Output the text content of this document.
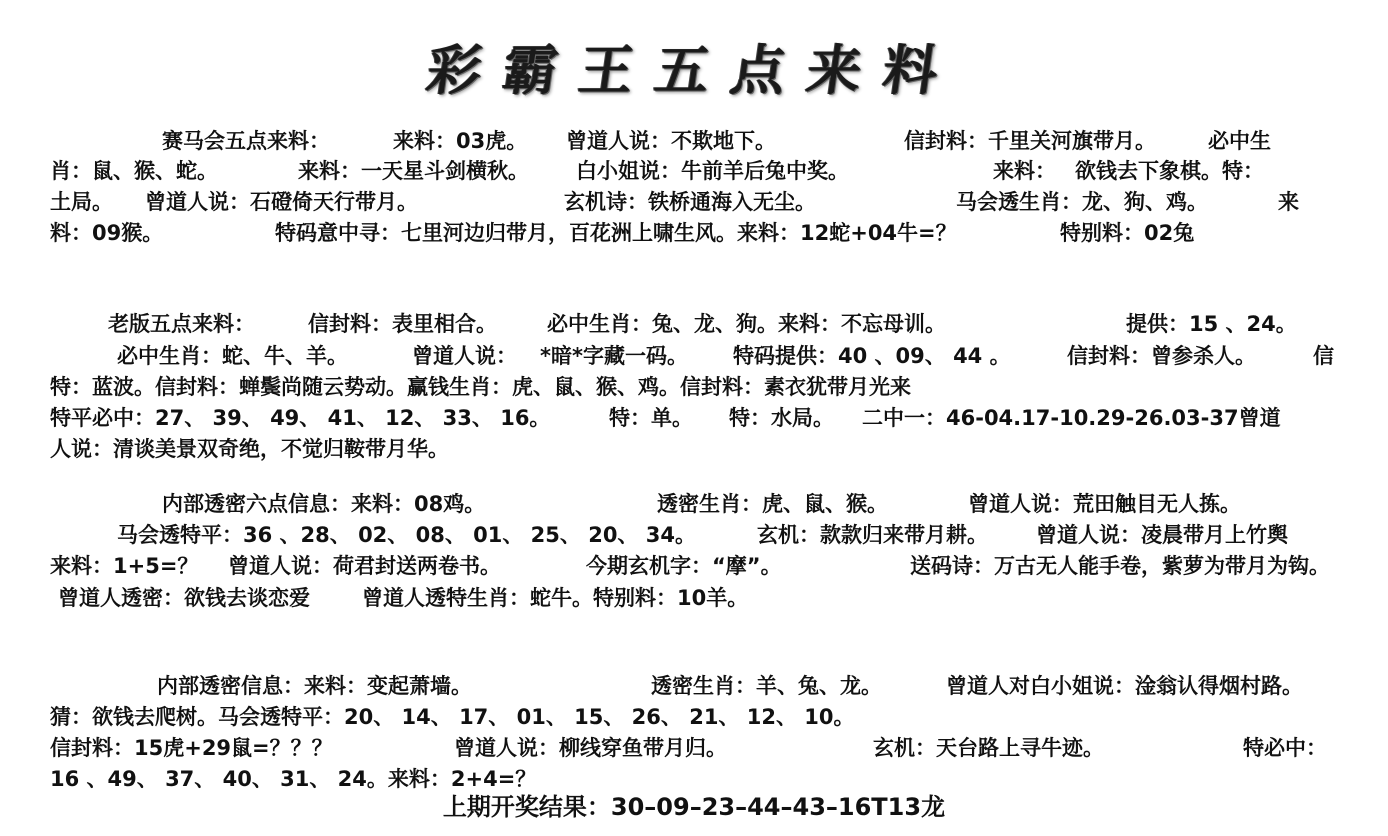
彩霸王五点来料
赛马会五点来料：	来料：03虎。 曾道人说：不欺地下。	信封料：千里关河旗带月。 必中生
肖：鼠、猴、蛇。	来料：一天星斗剑横秋。 白小姐说：牛前羊后兔中奖。	来料： 欲钱去下象棋。特：
土局。 曾道人说：石磴倚天行带月。	玄机诗：铁桥通海入无尘。	马会透生肖：龙、狗、鸡。	来
料：09猴。	特码意中寻：七里河边归带月，百花洲上啸生风。来料：12蛇+04牛=？	特别料：02兔
老版五点来料：	信封料：表里相合。 必中生肖：兔、龙、狗。来料：不忘母训。	提供：15 、24。
必中生肖：蛇、牛、羊。	曾道人说： *暗*字藏一码。 特码提供：40 、09、 44 。	信封料：曾参杀人。	信
特：蓝波。信封料：蝉鬓尚随云势动。赢钱生肖：虎、鼠、猴、鸡。信封料：素衣犹带月光来
特平必中：27、 39、 49、 41、 12、 33、 16。	特：单。 特：水局。 二中一：46-04.17-10.29-26.03-37曾道
人说：清谈美景双奇绝，不觉归鞍带月华。
内部透密六点信息：来料：08鸡。	透密生肖：虎、鼠、猴。	曾道人说：荒田触目无人拣。
马会透特平：36 、28、 02、 08、 01、 25、 20、 34。	玄机：款款归来带月耕。 曾道人说：凌晨带月上竹舆
来料：1+5=？ 曾道人说：荷君封送两卷书。	今期玄机字：“摩”。	送码诗：万古无人能手卷，紫萝为带月为钩。
曾道人透密：欲钱去谈恋爱 曾道人透特生肖：蛇牛。特别料：10羊。
内部透密信息：来料：变起萧墙。	透密生肖：羊、兔、龙。	曾道人对白小姐说：淦翁认得烟村路。
猜：欲钱去爬树。马会透特平：20、 14、 17、 01、 15、 26、 21、 12、 10。
信封料：15虎+29鼠=？？？	曾道人说：柳线穿鱼带月归。	玄机：天台路上寻牛迹。	特必中：
16 、49、 37、 40、 31、 24。来料：2+4=？
上期开奖结果：30–09–23–44–43–16T13龙
